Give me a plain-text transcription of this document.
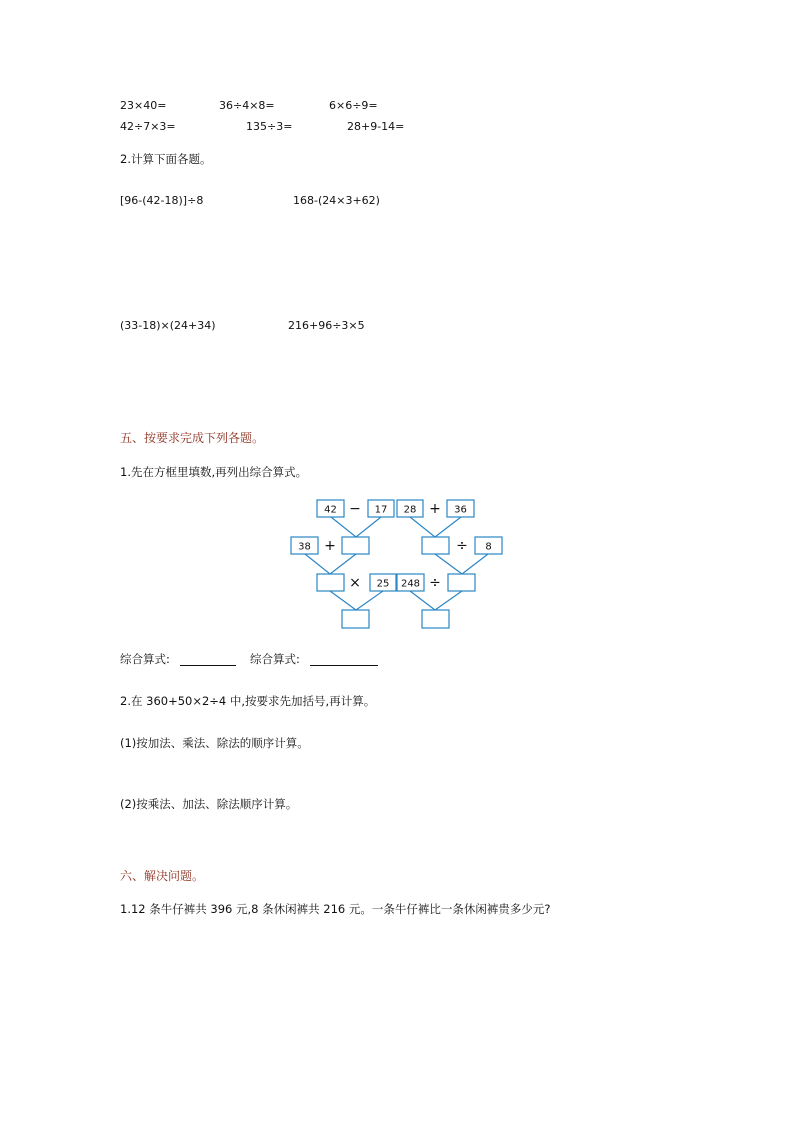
23×40=	36÷4×8=	6×6÷9=
42÷7×3=	135÷3=	28+9-14=
2.计算下面各题。
[96-(42-18)]÷8	168-(24×3+62)
(33-18)×(24+34)	216+96÷3×5
五、按要求完成下列各题。
1.先在方框里填数,再列出综合算式。
42 − 17
38 +
× 25
28 + 36
÷ 8
248 ÷
综合算式:	综合算式:
2.在 360+50×2÷4 中,按要求先加括号,再计算。
(1)按加法、乘法、除法的顺序计算。
(2)按乘法、加法、除法顺序计算。
六、解决问题。
1.12 条牛仔裤共 396 元,8 条休闲裤共 216 元。一条牛仔裤比一条休闲裤贵多少元?
